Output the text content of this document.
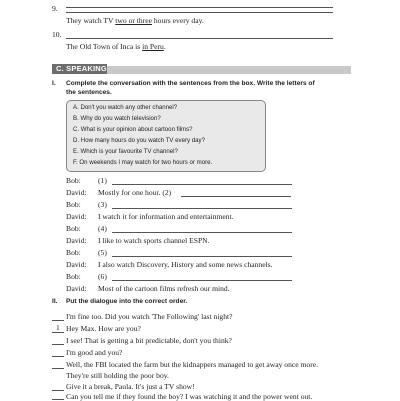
9.
They watch TV two or three hours every day.
10.
The Old Town of Inca is in Peru.
C. SPEAKING
I. Complete the conversation with the sentences from the box. Write the letters of
the sentences.
A. Don't you watch any other channel?
B. Why do you watch television?
C. What is your opinion about cartoon films?
D. How many hours do you watch TV every day?
E. Which is your favourite TV channel?
F. On weekends I may watch for two hours or more.
Bob: (1)
David: Mostly for one hour. (2)
Bob: (3)
David: I watch it for information and entertainment.
Bob: (4)
David: I like to watch sports channel ESPN.
Bob: (5)
David: I also watch Discovery, History and some news channels.
Bob: (6)
David: Most of the cartoon films refresh our mind.
II. Put the dialogue into the correct order.
I'm fine too. Did you watch 'The Following' last night?
1 Hey Max. How are you?
I see! That is getting a bit predictable, don't you think?
I'm good and you?
Well, the FBI located the farm but the kidnappers managed to get away once more.
They're still holding the poor boy.
Give it a break, Paula. It's just a TV show!
Can you tell me if they found the boy? I was watching it and the power went out.
